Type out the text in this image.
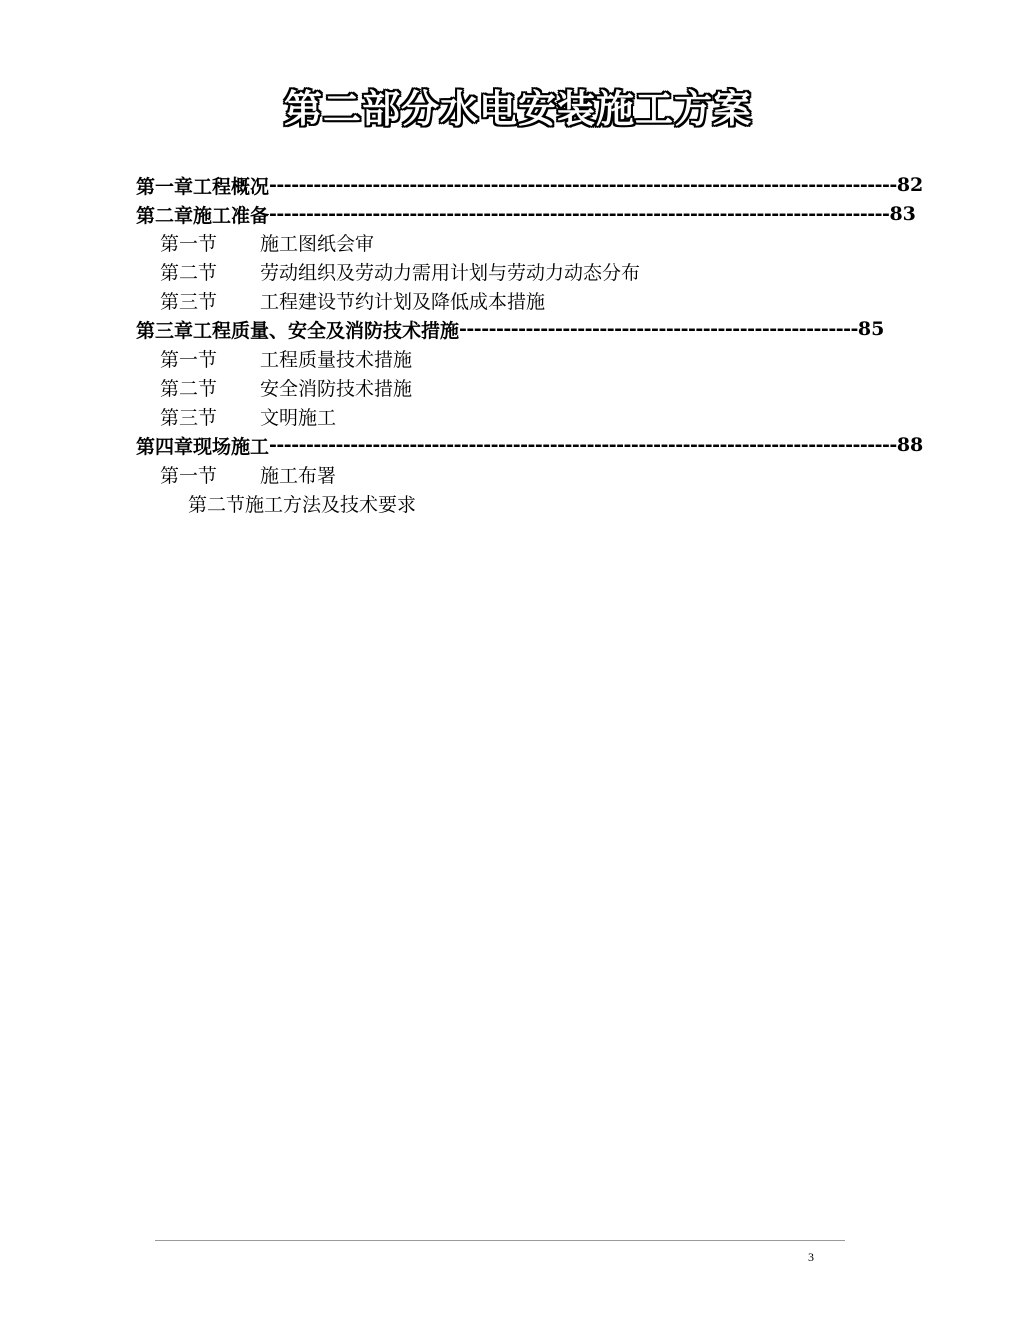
第二部分水电安装施工方案
第一章 工程概况 ------------------------------------------------------------------------------------- 82
第二章 施工准备 ------------------------------------------------------------------------------------ 83
第一节	施工图纸会审
第二节	劳动组织及劳动力需用计划与劳动力动态分布
第三节	工程建设节约计划及降低成本措施
第三章 工程质量、安全及消防技术措施 ------------------------------------------------------ 85
第一节	工程质量技术措施
第二节	安全消防技术措施
第三节	文明施工
第四章 现场施工 ------------------------------------------------------------------------------------- 88
第一节	施工布署
第二节施工方法及技术要求
3
